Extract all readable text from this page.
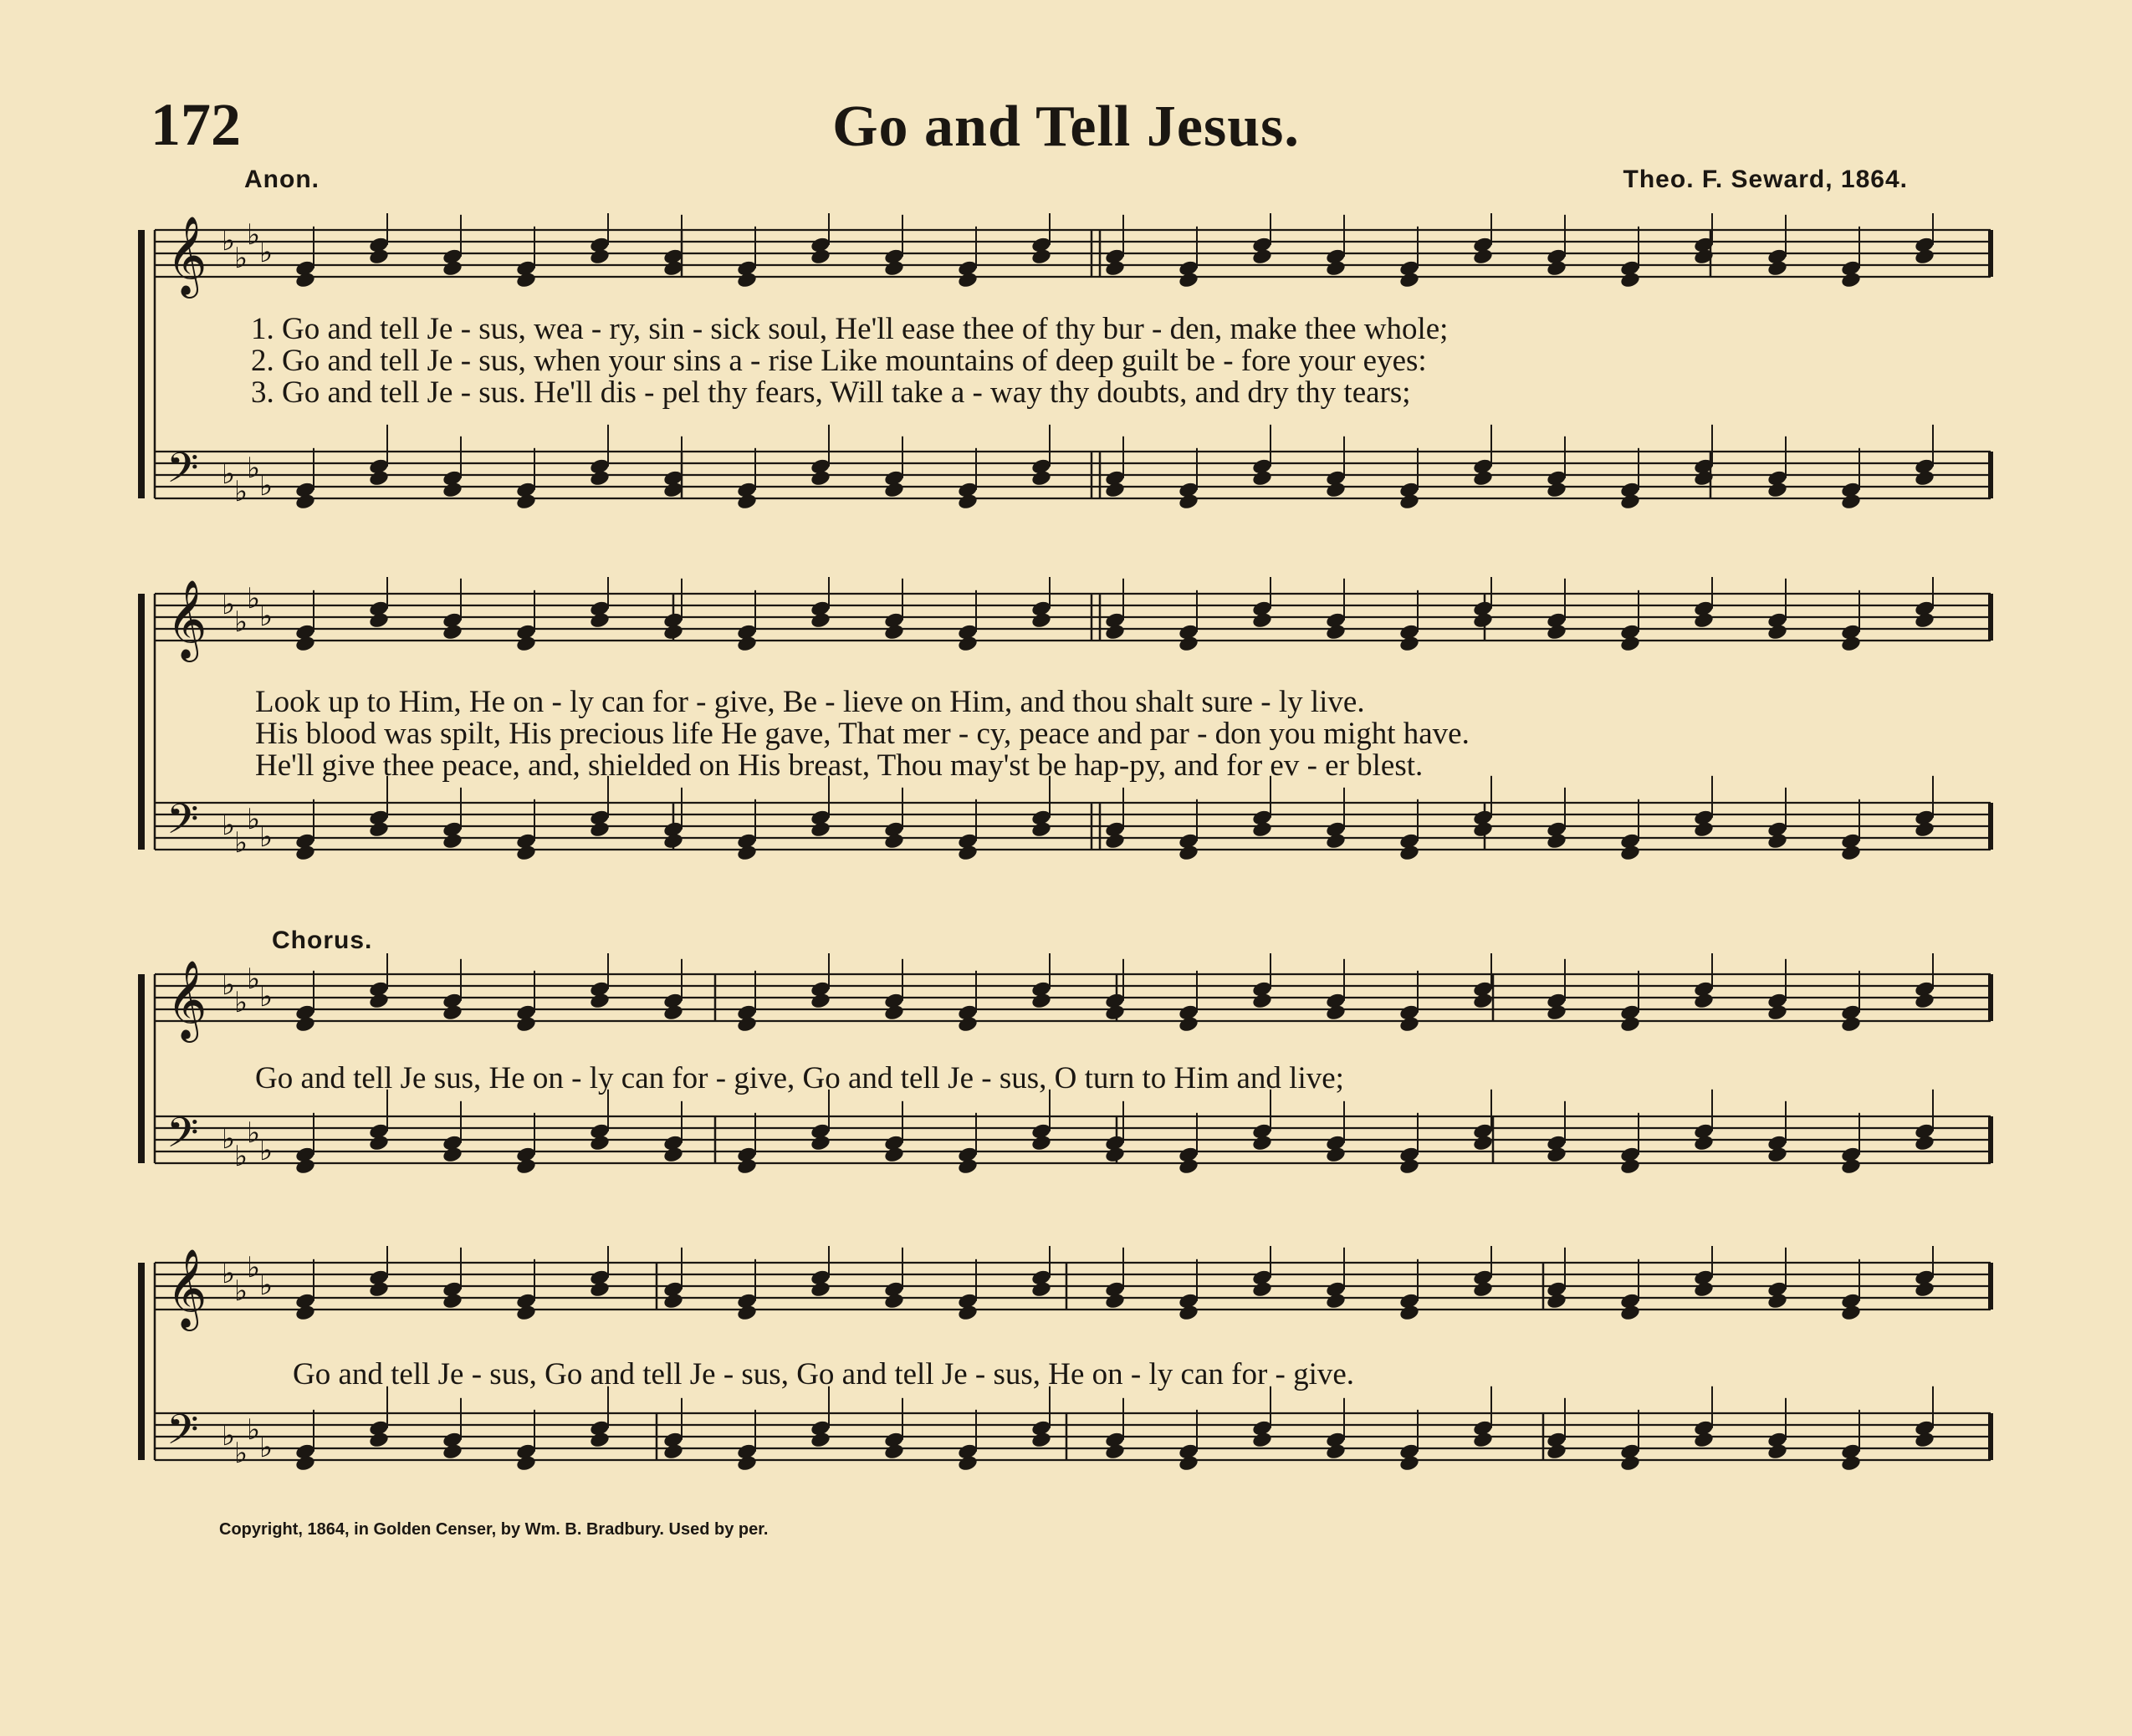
172	Go and Tell Jesus.
Anon.	Theo. F. Seward, 1864.
𝄞 ♭
♭
♭
♭
𝄢 ♭
♭
♭
♭
1. Go and tell Je - sus, wea - ry, sin - sick soul, He'll ease thee of thy bur - den, make thee whole;
2. Go and tell Je - sus, when your sins a - rise Like mountains of deep guilt be - fore your eyes:
3. Go and tell Je - sus. He'll dis - pel thy fears, Will take a - way thy doubts, and dry thy tears;
𝄞 ♭
♭
♭
♭
𝄢 ♭
♭
♭
♭
Look up to Him, He on - ly can for - give, Be - lieve on Him, and thou shalt sure - ly live.
His blood was spilt, His precious life He gave, That mer - cy, peace and par - don you might have.
He'll give thee peace, and, shielded on His breast, Thou may'st be hap-py, and for ev - er blest.
Chorus.
𝄞 ♭
♭
♭
♭
𝄢 ♭
♭
♭
♭
Go and tell Je sus, He on - ly can for - give, Go and tell Je - sus, O turn to Him and live;
𝄞 ♭
♭
♭
♭
𝄢 ♭
♭
♭
♭
Go and tell Je - sus, Go and tell Je - sus, Go and tell Je - sus, He on - ly can for - give.
Copyright, 1864, in Golden Censer, by Wm. B. Bradbury. Used by per.
